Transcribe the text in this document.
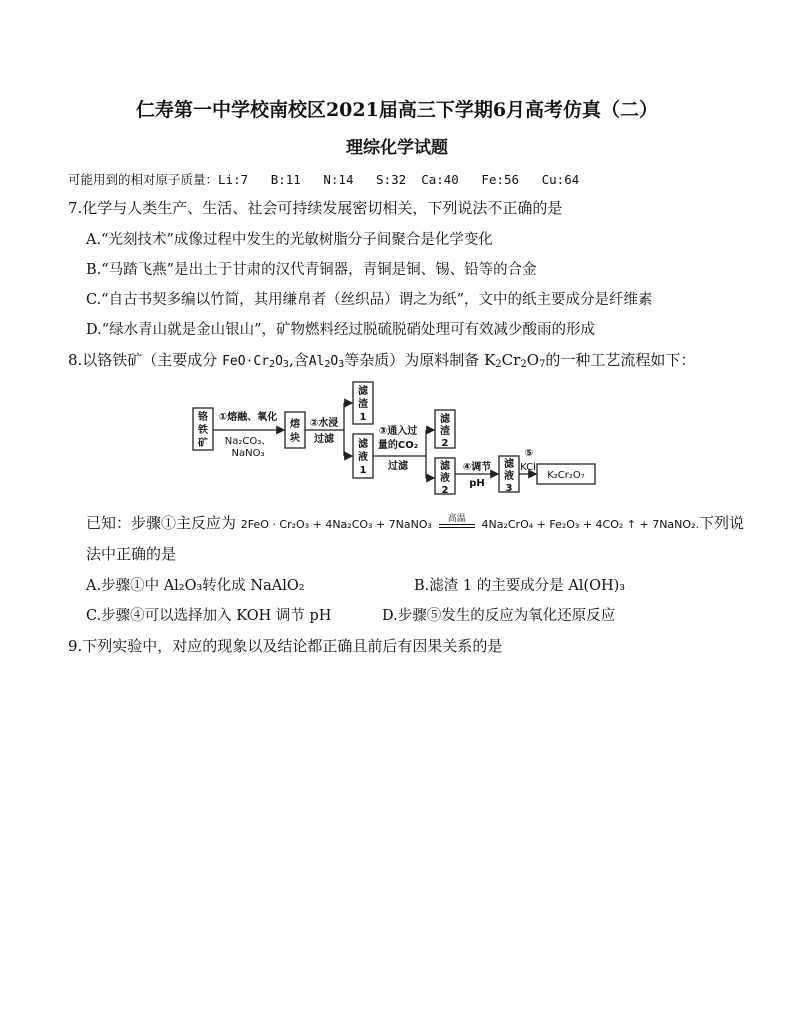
仁寿第一中学校南校区2021届高三下学期6月高考仿真（二）
理综化学试题
可能用到的相对原子质量：Li:7   B:11   N:14   S:32  Ca:40   Fe:56   Cu:64
7.化学与人类生产、生活、社会可持续发展密切相关，下列说法不正确的是
A.“光刻技术”成像过程中发生的光敏树脂分子间聚合是化学变化
B.“马踏飞燕”是出土于甘肃的汉代青铜器，青铜是铜、锡、铅等的合金
C.“自古书契多编以竹简，其用缣帛者（丝织品）谓之为纸”，文中的纸主要成分是纤维素
D.“绿水青山就是金山银山”，矿物燃料经过脱硫脱硝处理可有效减少酸雨的形成
8.以铬铁矿（主要成分 $FeO\cdot Cr_2O_3$,含$Al_2O_3$等杂质）为原料制备 $K_2Cr_2O_7$的一种工艺流程如下：
铬
铁
矿
①熔融、氧化
Na₂CO₃、
NaNO₃
熔
块
②水浸
过滤
滤
渣
1
滤
液
1
③通入过
量的CO₂
过滤
滤
渣
2
滤
液
2
④调节
pH
滤
液
3
⑤
KCl
K₂Cr₂O₇
已知：步骤①主反应为 2FeO · Cr₂O₃ + 4Na₂CO₃ + 7NaNO₃	高温	4Na₂CrO₄ + Fe₂O₃ + 4CO₂ ↑ + 7NaNO₂.下列说
法中正确的是
A.步骤①中 Al₂O₃转化成 NaAlO₂	B.滤渣 1 的主要成分是 Al(OH)₃
C.步骤④可以选择加入 KOH 调节 pH	D.步骤⑤发生的反应为氧化还原反应
9.下列实验中，对应的现象以及结论都正确且前后有因果关系的是
